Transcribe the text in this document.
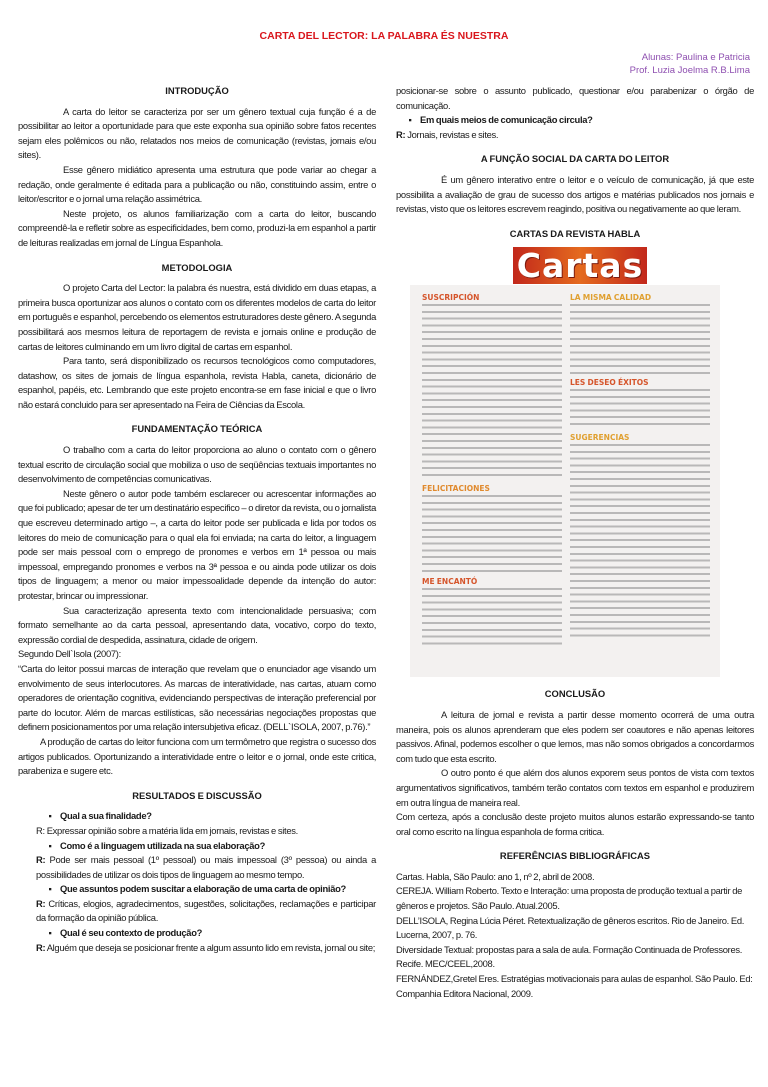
CARTA DEL LECTOR: LA PALABRA ÉS NUESTRA
Alunas: Paulina e Patricia
Prof. Luzia Joelma R.B.Lima
INTRODUÇÃO

A carta do leitor se caracteriza por ser um gênero textual cuja função é a de possibilitar ao leitor a oportunidade para que este exponha sua opinião sobre fatos recentes sejam eles polêmicos ou não, relatados nos meios de comunicação (revistas, jornais e/ou sites).

Esse gênero midiático apresenta uma estrutura que pode variar ao chegar a redação, onde geralmente é editada para a publicação ou não, constituindo assim, entre o leitor/escritor e o jornal uma relação assimétrica.

Neste projeto, os alunos familiarização com a carta do leitor, buscando compreendê-la e refletir sobre as especificidades, bem como, produzi-la em espanhol a partir de leituras realizadas em jornal de Língua Espanhola.

METODOLOGIA

O projeto Carta del Lector: la palabra és nuestra, está dividido em duas etapas, a primeira busca oportunizar aos alunos o contato com os diferentes modelos de carta do leitor em português e espanhol, percebendo os elementos estruturadores deste gênero. A segunda possibilitará aos mesmos leitura de reportagem de revista e jornais online e produção de cartas de leitores culminando em um livro digital de cartas em espanhol.

Para tanto, será disponibilizado os recursos tecnológicos como computadores, datashow, os sites de jornais de língua espanhola, revista Habla, caneta, dicionário de espanhol, papéis, etc. Lembrando que este projeto encontra-se em fase inicial e que o livro não estará concluido para ser apresentado na Feira de Ciências da Escola.

FUNDAMENTAÇÃO TEÓRICA

O trabalho com a carta do leitor proporciona ao aluno o contato com o gênero textual escrito de circulação social que mobiliza o uso de seqüências textuais importantes no desenvolvimento de competências comunicativas.

Neste gênero o autor pode também esclarecer ou acrescentar informações ao que foi publicado; apesar de ter um destinatário especifico – o diretor da revista, ou o jornalista que escreveu determinado artigo –, a carta do leitor pode ser publicada e lida por todos os leitores do meio de comunicação para o qual ela foi enviada; na carta do leitor, a linguagem pode ser mais pessoal com o emprego de pronomes e verbos em 1ª pessoa ou mais impessoal, empregando pronomes e verbos na 3ª pessoa e ou ainda pode utilizar os dois tipos de linguagem; a menor ou maior impessoalidade depende da intenção do autor: protestar, brincar ou impressionar.

Sua caracterização apresenta texto com intencionalidade persuasiva; com formato semelhante ao da carta pessoal, apresentando data, vocativo, corpo do texto, expressão cordial de despedida, assinatura, cidade de origem.

Segundo Dell`Isola (2007):

“Carta do leitor possui marcas de interação que revelam que o enunciador age visando um envolvimento de seus interlocutores. As marcas de interatividade, nas cartas, atuam como operadores de orientação cognitiva, evidenciando perspectivas de interação preferencial por parte do locutor. Além de marcas estilísticas, são necessárias negociações propostas que definem posicionamentos por uma relação intersubjetiva eficaz. (DELL`ISOLA, 2007, p.76).”

A produção de cartas do leitor funciona com um termômetro que registra o sucesso dos artigos publicados. Oportunizando a interatividade entre o leitor e o jornal, onde este critica, parabeniza e sugere etc.

RESULTADOS E DISCUSSÃO
▪ Qual a sua finalidade?

R: Expressar opinião sobre a matéria lida em jornais, revistas e sites.

▪ Como é a linguagem utilizada na sua elaboração?

R: Pode ser mais pessoal (1º pessoal) ou mais impessoal (3º pessoa) ou ainda a possibilidades de utilizar os dois tipos de linguagem ao mesmo tempo.

▪ Que assuntos podem suscitar a elaboração de uma carta de opinião?

R: Críticas, elogios, agradecimentos, sugestões, solicitações, reclamações e participar da formação da opinião pública.

▪ Qual é seu contexto de produção?

R: Alguém que deseja se posicionar frente a algum assunto lido em revista, jornal ou site;

posicionar-se sobre o assunto publicado, questionar e/ou parabenizar o órgão de comunicação.

▪ Em quais meios de comunicação circula?

R: Jornais, revistas e sites.

A FUNÇÃO SOCIAL DA CARTA DO LEITOR

É um gênero interativo entre o leitor e o veículo de comunicação, já que este possibilita a avaliação de grau de sucesso dos artigos e matérias publicados nos jornais e revistas, visto que os leitores escrevem reagindo, positiva ou negativamente ao que leram.

CARTAS DA REVISTA HABLA
Cartas
SUSCRIPCIÓN
FELICITACIONES
ME ENCANTÓ
LA MISMA CALIDAD
LES DESEO ÉXITOS
SUGERENCIAS
CONCLUSÃO

A leitura de jornal e revista a partir desse momento ocorrerá de uma outra maneira, pois os alunos aprenderam que eles podem ser coautores e não apenas leitores passivos. Afinal, podemos escolher o que lemos, mas não somos obrigados a concordarmos com tudo que esta escrito.

O outro ponto é que além dos alunos exporem seus pontos de vista com textos argumentativos significativos, também terão contatos com textos em espanhol e produzirem em outra língua de maneira real.

Com certeza, após a conclusão deste projeto muitos alunos estarão expressando-se tanto oral como escrito na língua espanhola de forma critica.

REFERÊNCIAS BIBLIOGRÁFICAS

Cartas. Habla, São Paulo: ano 1, nº 2, abril de 2008.

CEREJA. William Roberto. Texto e Interação: uma proposta de produção textual a partir de gêneros e projetos. São Paulo. Atual.2005.

DELL’ISOLA, Regina Lúcia Péret. Retextualização de gêneros escritos. Rio de Janeiro. Ed. Lucerna, 2007, p. 76.

Diversidade Textual: propostas para a sala de aula. Formação Continuada de Professores. Recife. MEC/CEEL,2008.

FERNÁNDEZ,Gretel Eres. Estratégias motivacionais para aulas de espanhol. São Paulo. Ed: Companhia Editora Nacional, 2009.
